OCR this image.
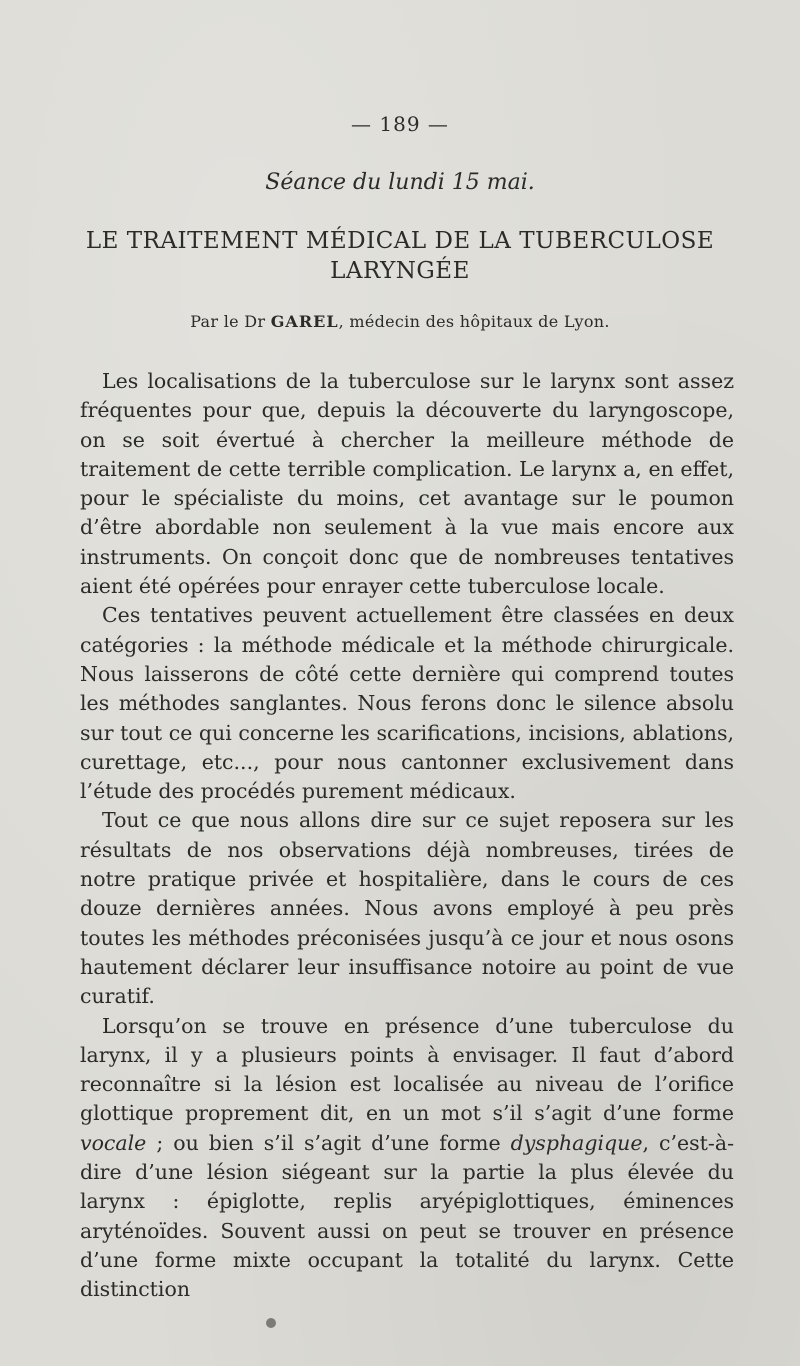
— 189 —
Séance du lundi 15 mai.
LE TRAITEMENT MÉDICAL DE LA TUBERCULOSE
LARYNGÉE
Par le Dr GAREL, médecin des hôpitaux de Lyon.

Les localisations de la tuberculose sur le larynx sont assez fréquentes pour que, depuis la découverte du laryngoscope, on se soit évertué à chercher la meilleure méthode de traitement de cette terrible complication. Le larynx a, en effet, pour le spécialiste du moins, cet avantage sur le poumon d’être abordable non seulement à la vue mais encore aux instruments. On conçoit donc que de nombreuses tentatives aient été opérées pour enrayer cette tuberculose locale.

Ces tentatives peuvent actuellement être classées en deux catégories : la méthode médicale et la méthode chirurgicale. Nous laisserons de côté cette dernière qui comprend toutes les méthodes sanglantes. Nous ferons donc le silence absolu sur tout ce qui concerne les scarifications, incisions, ablations, curettage, etc..., pour nous cantonner exclusivement dans l’étude des procédés purement médicaux.

Tout ce que nous allons dire sur ce sujet reposera sur les résultats de nos observations déjà nombreuses, tirées de notre pratique privée et hospitalière, dans le cours de ces douze dernières années. Nous avons employé à peu près toutes les méthodes préconisées jusqu’à ce jour et nous osons hautement déclarer leur insuffisance notoire au point de vue curatif.

Lorsqu’on se trouve en présence d’une tuberculose du larynx, il y a plusieurs points à envisager. Il faut d’abord reconnaître si la lésion est localisée au niveau de l’orifice glottique proprement dit, en un mot s’il s’agit d’une forme vocale ; ou bien s’il s’agit d’une forme dysphagique, c’est-à-dire d’une lésion siégeant sur la partie la plus élevée du larynx : épiglotte, replis aryépiglottiques, éminences aryténoïdes. Souvent aussi on peut se trouver en présence d’une forme mixte occupant la totalité du larynx. Cette distinction
